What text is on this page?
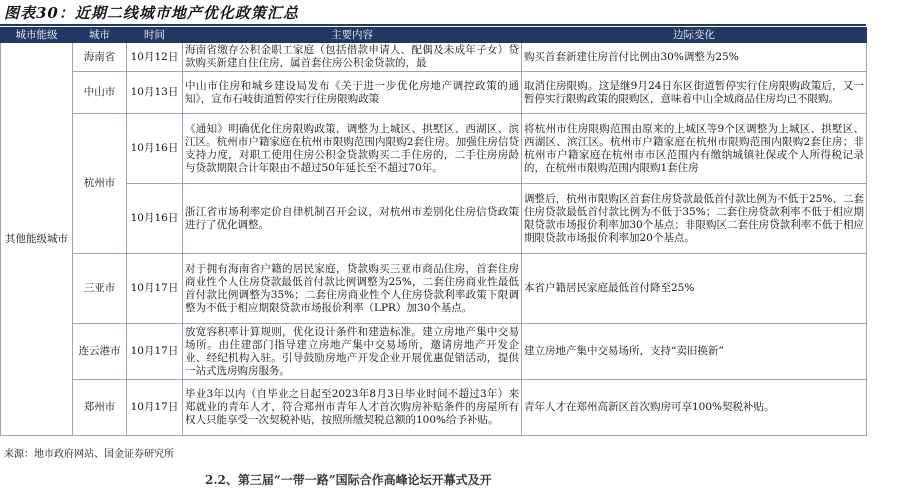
图表30：近期二线城市地产优化政策汇总
城市能级	城市	时间	主要内容	边际变化
其他能级城市	海南省	10月12日	海南省缴存公积金职工家庭（包括借款申请人、配偶及未成年子女）贷款购买新建自住住房，属首套住房公积金贷款的，最	购买首套新建住房首付比例由30%调整为25%
	中山市	10月13日	中山市住房和城乡建设局发布《关于进一步优化房地产调控政策的通知》，宣布石岐街道暂停实行住房限购政策	取消住房限购。这是继9月24日东区街道暂停实行住房限购政策后，又一暂停实行限购政策的限购区，意味着中山全域商品住房均已不限购。
	杭州市	10月16日	《通知》明确优化住房限购政策，调整为上城区、拱墅区、西湖区、滨江区。杭州市户籍家庭在杭州市限购范围内限购2套住房。加强住房信贷支持力度，对职工使用住房公积金贷款购买二手住房的，二手住房房龄与贷款期限合计年限由不超过50年延长至不超过70年。	将杭州市住房限购范围由原来的上城区等9个区调整为上城区、拱墅区、西湖区、滨江区。杭州市户籍家庭在杭州市限购范围内限购2套住房；非杭州市户籍家庭在杭州市市区范围内有缴纳城镇社保或个人所得税记录的，在杭州市限购范围内限购1套住房
		10月16日	浙江省市场利率定价自律机制召开会议，对杭州市差别化住房信贷政策进行了优化调整。	调整后，杭州市限购区首套住房贷款最低首付款比例为不低于25%、二套住房贷款最低首付款比例为不低于35%；二套住房贷款利率不低于相应期限贷款市场报价利率加30个基点；非限购区二套住房贷款利率不低于相应期限贷款市场报价利率加20个基点。
	三亚市	10月17日	对于拥有海南省户籍的居民家庭，贷款购买三亚市商品住房，首套住房商业性个人住房贷款最低首付款比例调整为25%，二套住房商业性最低首付款比例调整为35%；二套住房商业性个人住房贷款利率政策下限调整为不低于相应期限贷款市场报价利率（LPR）加30个基点。	本省户籍居民家庭最低首付降至25%
	连云港市	10月17日	放宽容积率计算规则，优化设计条件和建造标准。建立房地产集中交易场所。由住建部门指导建立房地产集中交易场所，邀请房地产开发企业、经纪机构入驻。引导鼓励房地产开发企业开展优惠促销活动，提供一站式选房购房服务。	建立房地产集中交易场所，支持“卖旧换新”
	郑州市	10月17日	毕业3年以内（自毕业之日起至2023年8月3日毕业时间不超过3年）来郑就业的青年人才，符合郑州市青年人才首次购房补贴条件的房屋所有权人只能享受一次契税补贴，按照所缴契税总额的100%给予补贴。	青年人才在郑州高新区首次购房可享100%契税补贴。
来源：地市政府网站、国金证券研究所
2.2、第三届“一带一路”国际合作高峰论坛开幕式及开
